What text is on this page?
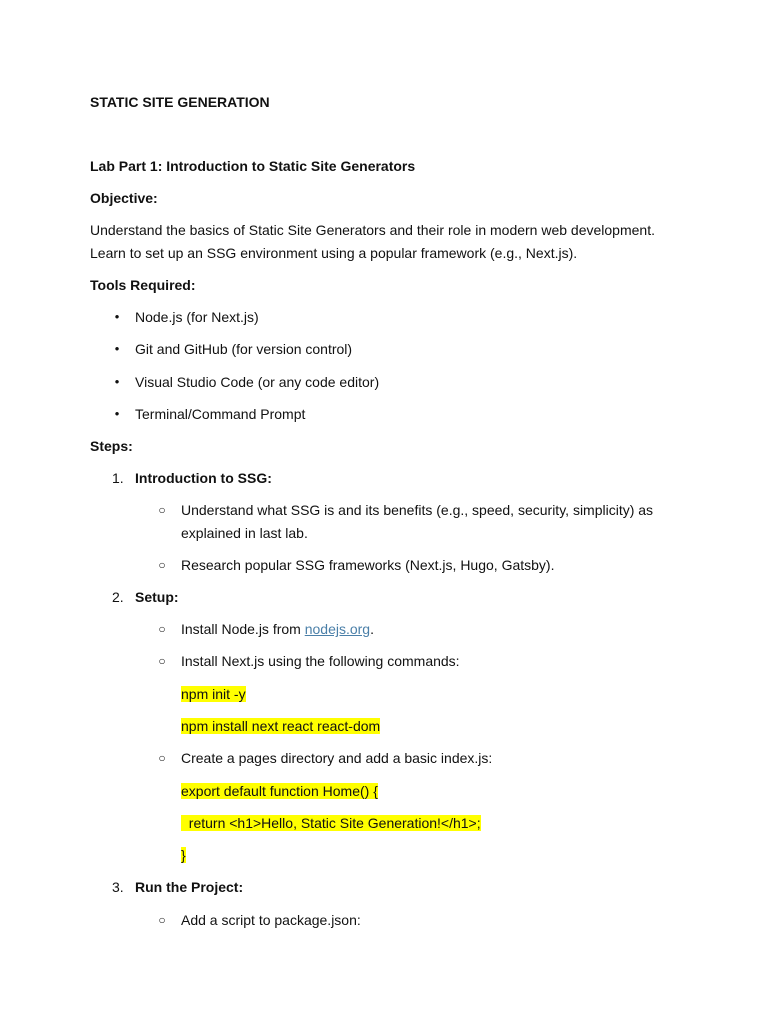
STATIC SITE GENERATION
Lab Part 1: Introduction to Static Site Generators
Objective:
Understand the basics of Static Site Generators and their role in modern web development.
Learn to set up an SSG environment using a popular framework (e.g., Next.js).
Tools Required:
• Node.js (for Next.js)
• Git and GitHub (for version control)
• Visual Studio Code (or any code editor)
• Terminal/Command Prompt
Steps:
1. Introduction to SSG:
○ Understand what SSG is and its benefits (e.g., speed, security, simplicity) as
explained in last lab.
○ Research popular SSG frameworks (Next.js, Hugo, Gatsby).
2. Setup:
○ Install Node.js from nodejs.org.
○ Install Next.js using the following commands:
npm init -y
npm install next react react-dom
○ Create a pages directory and add a basic index.js:
export default function Home() {
return <h1>Hello, Static Site Generation!</h1>;
}
3. Run the Project:
○ Add a script to package.json:
